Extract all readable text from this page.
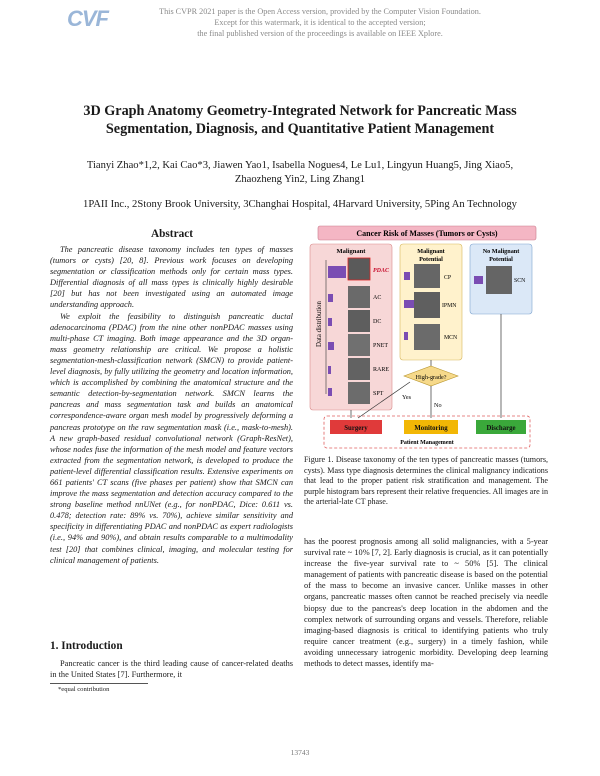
CVF	This CVPR 2021 paper is the Open Access version, provided by the Computer Vision Foundation.
Except for this watermark, it is identical to the accepted version;
the final published version of the proceedings is available on IEEE Xplore.
3D Graph Anatomy Geometry-Integrated Network for Pancreatic Mass
Segmentation, Diagnosis, and Quantitative Patient Management
Tianyi Zhao*1,2, Kai Cao*3, Jiawen Yao1, Isabella Nogues4, Le Lu1, Lingyun Huang5, Jing Xiao5,
Zhaozheng Yin2, Ling Zhang1
1PAII Inc., 2Stony Brook University, 3Changhai Hospital, 4Harvard University, 5Ping An Technology
Abstract

The pancreatic disease taxonomy includes ten types of masses (tumors or cysts) [20, 8]. Previous work focuses on developing segmentation or classification methods only for certain mass types. Differential diagnosis of all mass types is clinically highly desirable [20] but has not been investigated using an automated image understanding approach.

We exploit the feasibility to distinguish pancreatic ductal adenocarcinoma (PDAC) from the nine other nonPDAC masses using multi-phase CT imaging. Both image appearance and the 3D organ-mass geometry relationship are critical. We propose a holistic segmentation-mesh-classification network (SMCN) to provide patient-level diagnosis, by fully utilizing the geometry and location information, which is accomplished by combining the anatomical structure and the semantic detection-by-segmentation network. SMCN learns the pancreas and mass segmentation task and builds an anatomical correspondence-aware organ mesh model by progressively deforming a pancreas prototype on the raw segmentation mask (i.e., mask-to-mesh). A new graph-based residual convolutional network (Graph-ResNet), whose nodes fuse the information of the mesh model and feature vectors extracted from the segmentation network, is developed to produce the patient-level differential classification results. Extensive experiments on 661 patients' CT scans (five phases per patient) show that SMCN can improve the mass segmentation and detection accuracy compared to the strong baseline method nnUNet (e.g., for nonPDAC, Dice: 0.611 vs. 0.478; detection rate: 89% vs. 70%), achieve similar sensitivity and specificity in differentiating PDAC and nonPDAC as expert radiologists (i.e., 94% and 90%), and obtain results comparable to a multimodality test [20] that combines clinical, imaging, and molecular testing for clinical management of patients.

1. Introduction

Pancreatic cancer is the third leading cause of cancer-related deaths in the United States [7]. Furthermore, it

*equal contribution
Cancer Risk of Masses (Tumors or Cysts)
Malignant
Data distribution
PDAC
AC
DC
PNET
RARE
SPT
Malignant
Potential
CP
IPMN
MCN
No Malignant
Potential
SCN
High-grade?
Yes
No
Surgery	Monitoring	Discharge
Patient Management
Figure 1. Disease taxonomy of the ten types of pancreatic masses (tumors, cysts). Mass type diagnosis determines the clinical malignancy indications that lead to the proper patient risk stratification and management. The purple histogram bars represent their relative frequencies. All images are in the arterial-late CT phase.

has the poorest prognosis among all solid malignancies, with a 5-year survival rate ~ 10% [7, 2]. Early diagnosis is crucial, as it can potentially increase the five-year survival rate to ~ 50% [5]. The clinical management of patients with pancreatic disease is based on the potential of the mass to become an invasive cancer. Unlike masses in other organs, pancreatic masses often cannot be reached precisely via needle biopsy due to the pancreas's deep location in the abdomen and the complex network of surrounding organs and vessels. Therefore, reliable imaging-based diagnosis is critical to identifying patients who truly require cancer treatment (e.g., surgery) in a timely fashion, while avoiding unnecessary iatrogenic morbidity. Developing deep learning methods to detect masses, identify ma-

13743
